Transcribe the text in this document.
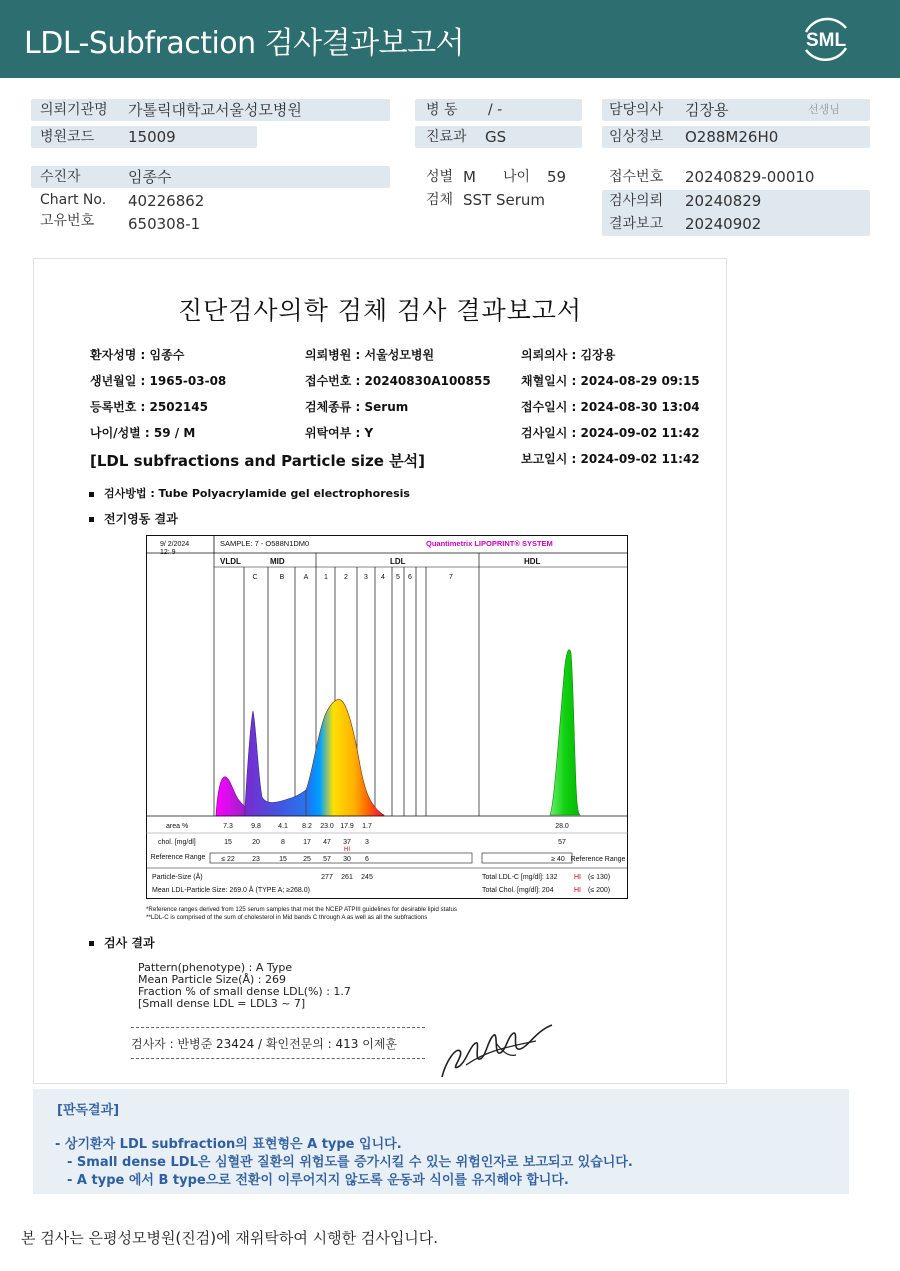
LDL-Subfraction 검사결과보고서	SML
의뢰기관명 가톨릭대학교서울성모병원
병원코드 15009
병 동 / -
진료과 GS
담당의사 김장용	선생님
임상정보 O288M26H0
수진자	임종수
Chart No. 40226862
고유번호 650308-1
성별 M 나이 59
검체 SST Serum
접수번호 20240829-00010
검사의뢰 20240829
결과보고 20240902
진단검사의학 검체 검사 결과보고서
환자성명 : 임종수	의뢰병원 : 서울성모병원	의뢰의사 : 김장용
생년월일 : 1965-03-08	접수번호 : 20240830A100855	채혈일시 : 2024-08-29 09:15
등록번호 : 2502145	검체종류 : Serum	접수일시 : 2024-08-30 13:04
나이/성별 : 59 / M	위탁여부 : Y	검사일시 : 2024-09-02 11:42
[LDL subfractions and Particle size 분석]	보고일시 : 2024-09-02 11:42
검사방법 : Tube Polyacrylamide gel electrophoresis
전기영동 결과
9/ 2/2024
12: 9
SAMPLE: 7 - O588N1DM0	Quantimetrix LIPOPRINT® SYSTEM
VLDL	MID	LDL	HDL
C	B	A 1 2 3 4 5 6	7
area %	7.3	9.8 4.1 8.2 23.0 17.9 1.7	28.0
chol. [mg/dl]	15	20	8	17 47 37 3	57
HI
Reference Range ≤ 22 23	15 25 57 30 6	≥ 40 Reference Range
Particle-Size (Å)	277 261 245	Total LDL-C [mg/dl]: 132 HI (≤ 130)
Mean LDL-Particle Size: 269.0 Å (TYPE A; ≥268.0)	Total Chol. [mg/dl]: 204	HI (≤ 200)
*Reference ranges derived from 125 serum samples that met the NCEP ATPIII guidelines for desirable lipid status
**LDL-C is comprised of the sum of cholesterol in Mid bands C through A as well as all the subfractions
검사 결과
Pattern(phenotype) : A Type
Mean Particle Size(Å) : 269
Fraction % of small dense LDL(%) : 1.7
[Small dense LDL = LDL3 ~ 7]
검사자 : 반병준 23424 / 확인전문의 : 413 이제훈
[판독결과]
- 상기환자 LDL subfraction의 표현형은 A type 입니다.
- Small dense LDL은 심혈관 질환의 위험도를 증가시킬 수 있는 위험인자로 보고되고 있습니다.
- A type 에서 B type으로 전환이 이루어지지 않도록 운동과 식이를 유지해야 합니다.
본 검사는 은평성모병원(진검)에 재위탁하여 시행한 검사입니다.
